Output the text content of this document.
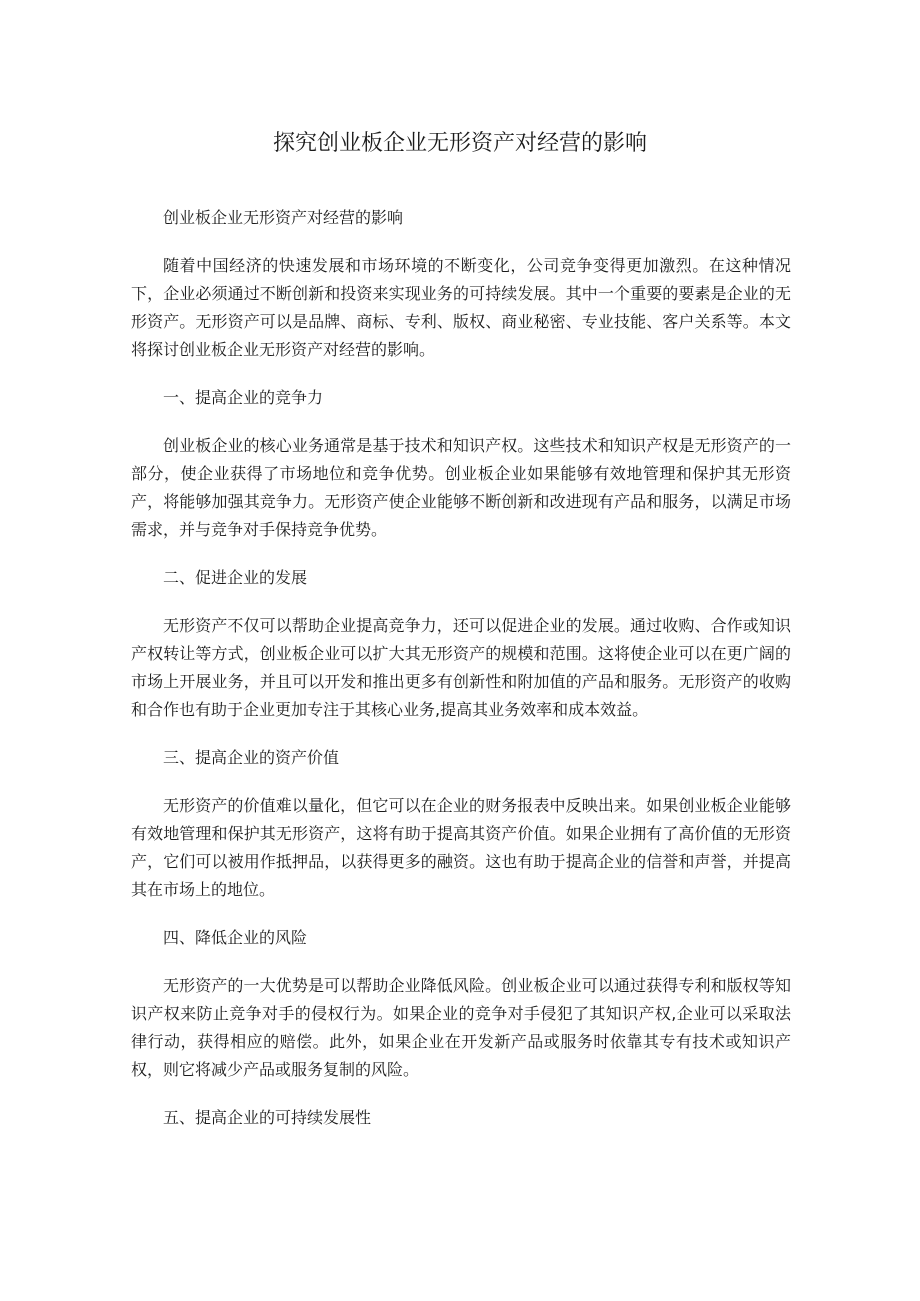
探究创业板企业无形资产对经营的影响

创业板企业无形资产对经营的影响

随着中国经济的快速发展和市场环境的不断变化，公司竞争变得更加激烈。在这种情况下，企业必须通过不断创新和投资来实现业务的可持续发展。其中一个重要的要素是企业的无形资产。无形资产可以是品牌、商标、专利、版权、商业秘密、专业技能、客户关系等。本文将探讨创业板企业无形资产对经营的影响。

一、提高企业的竞争力

创业板企业的核心业务通常是基于技术和知识产权。这些技术和知识产权是无形资产的一部分，使企业获得了市场地位和竞争优势。创业板企业如果能够有效地管理和保护其无形资产，将能够加强其竞争力。无形资产使企业能够不断创新和改进现有产品和服务，以满足市场需求，并与竞争对手保持竞争优势。

二、促进企业的发展

无形资产不仅可以帮助企业提高竞争力，还可以促进企业的发展。通过收购、合作或知识产权转让等方式，创业板企业可以扩大其无形资产的规模和范围。这将使企业可以在更广阔的市场上开展业务，并且可以开发和推出更多有创新性和附加值的产品和服务。无形资产的收购和合作也有助于企业更加专注于其核心业务,提高其业务效率和成本效益。

三、提高企业的资产价值

无形资产的价值难以量化，但它可以在企业的财务报表中反映出来。如果创业板企业能够有效地管理和保护其无形资产，这将有助于提高其资产价值。如果企业拥有了高价值的无形资产，它们可以被用作抵押品，以获得更多的融资。这也有助于提高企业的信誉和声誉，并提高其在市场上的地位。

四、降低企业的风险

无形资产的一大优势是可以帮助企业降低风险。创业板企业可以通过获得专利和版权等知识产权来防止竞争对手的侵权行为。如果企业的竞争对手侵犯了其知识产权,企业可以采取法律行动，获得相应的赔偿。此外，如果企业在开发新产品或服务时依靠其专有技术或知识产权，则它将减少产品或服务复制的风险。

五、提高企业的可持续发展性
